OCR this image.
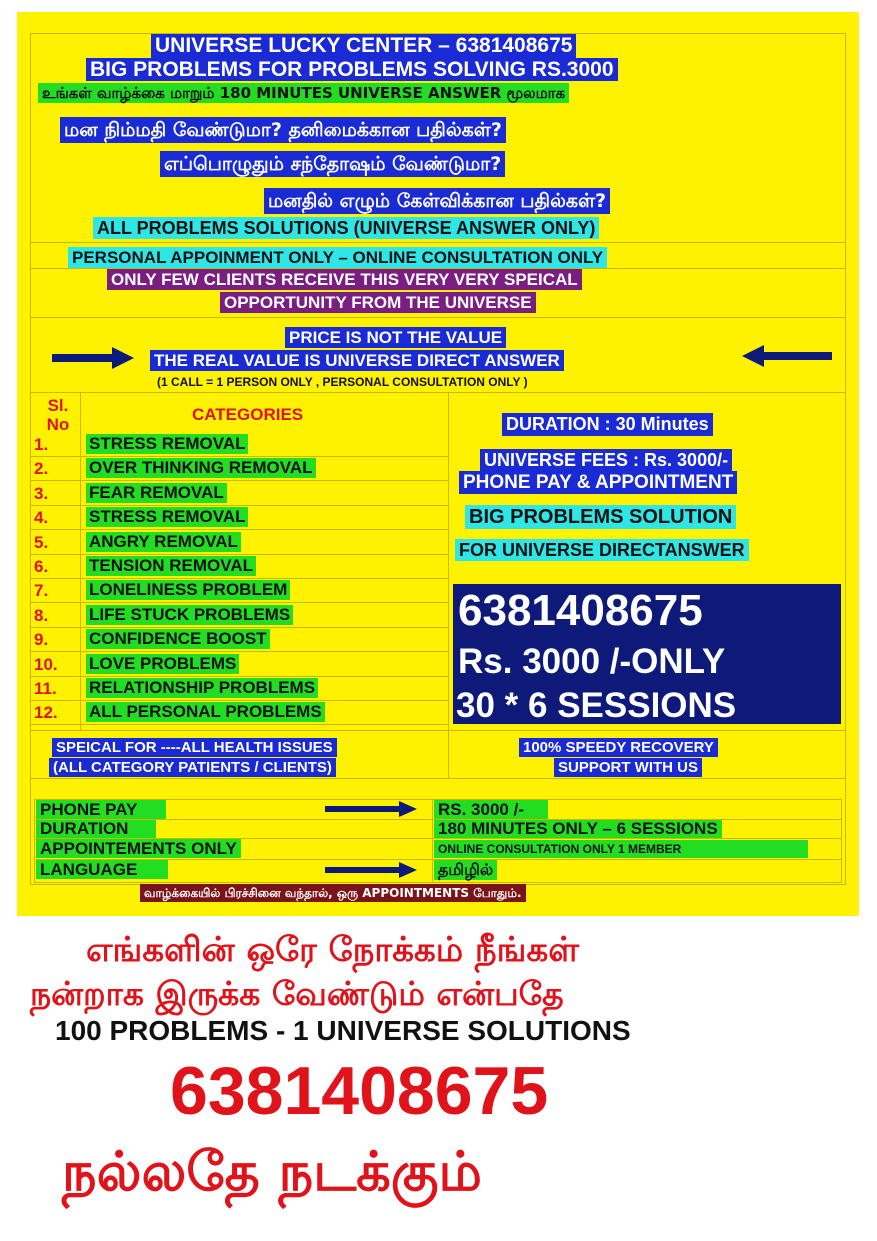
UNIVERSE LUCKY CENTER – 6381408675
BIG PROBLEMS FOR PROBLEMS SOLVING RS.3000
உங்கள் வாழ்க்கை மாறும் 180 MINUTES UNIVERSE ANSWER மூலமாக
மன நிம்மதி வேண்டுமா? தனிமைக்கான பதில்கள்?
எப்பொழுதும் சந்தோஷம் வேண்டுமா?
மனதில் எழும் கேள்விக்கான பதில்கள்?
ALL PROBLEMS SOLUTIONS (UNIVERSE ANSWER ONLY)
PERSONAL APPOINMENT ONLY – ONLINE CONSULTATION ONLY
ONLY FEW CLIENTS RECEIVE THIS VERY VERY SPEICAL
OPPORTUNITY FROM THE UNIVERSE
PRICE IS NOT THE VALUE
THE REAL VALUE IS UNIVERSE DIRECT ANSWER
(1 CALL = 1 PERSON ONLY , PERSONAL CONSULTATION ONLY )
Sl.
No
CATEGORIES
1. STRESS REMOVAL
2. OVER THINKING REMOVAL
3. FEAR REMOVAL
4. STRESS REMOVAL
5. ANGRY REMOVAL
6. TENSION REMOVAL
7. LONELINESS PROBLEM
8. LIFE STUCK PROBLEMS
9. CONFIDENCE BOOST
10. LOVE PROBLEMS
11. RELATIONSHIP PROBLEMS
12. ALL PERSONAL PROBLEMS
SPEICAL FOR ----ALL HEALTH ISSUES
(ALL CATEGORY PATIENTS / CLIENTS)
DURATION : 30 Minutes
UNIVERSE FEES : Rs. 3000/-
PHONE PAY & APPOINTMENT
BIG PROBLEMS SOLUTION
FOR UNIVERSE DIRECTANSWER
6381408675
Rs. 3000 /-ONLY
30 * 6 SESSIONS
100% SPEEDY RECOVERY
SUPPORT WITH US
PHONE PAY
DURATION
APPOINTEMENTS ONLY
LANGUAGE
RS. 3000 /-
180 MINUTES ONLY – 6 SESSIONS
ONLINE CONSULTATION ONLY 1 MEMBER
தமிழில்
வாழ்க்கையில் பிரச்சினை வந்தால், ஒரு APPOINTMENTS போதும்.
எங்களின் ஒரே நோக்கம் நீங்கள்
நன்றாக இருக்க வேண்டும் என்பதே
100 PROBLEMS - 1 UNIVERSE SOLUTIONS
6381408675
நல்லதே நடக்கும்
